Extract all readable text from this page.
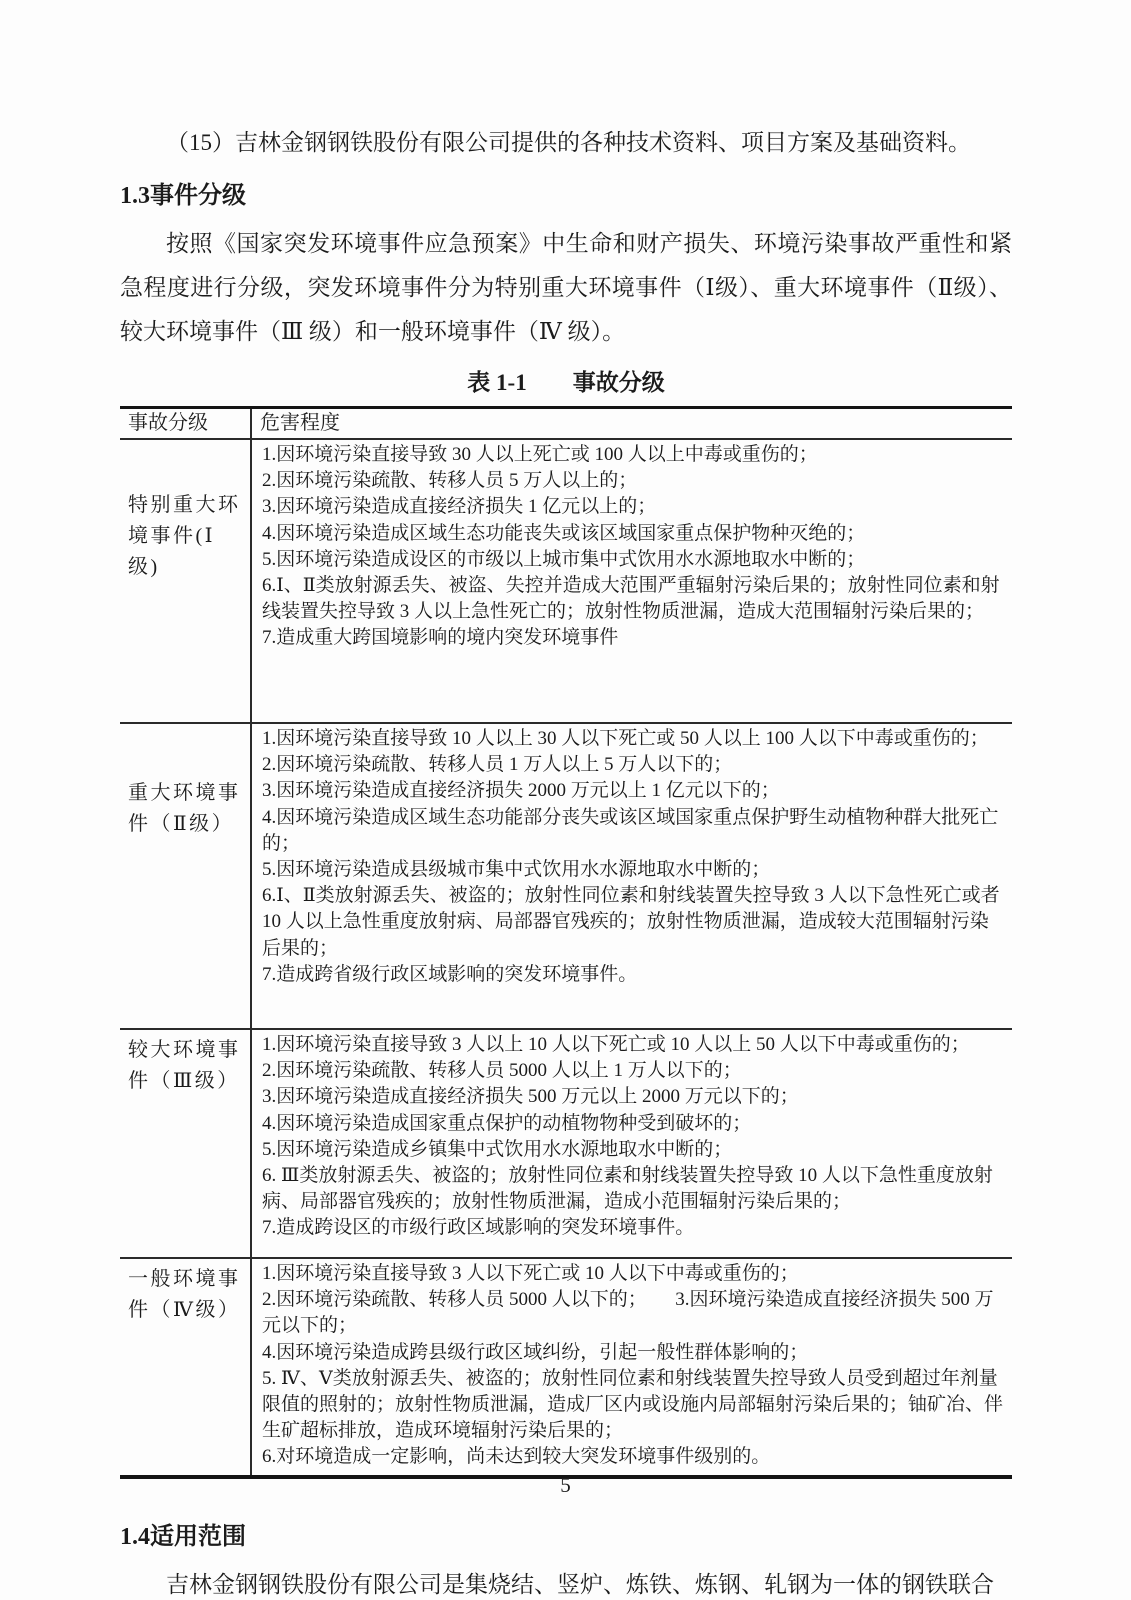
（15）吉林金钢钢铁股份有限公司提供的各种技术资料、项目方案及基础资料。

1.3事件分级

按照《国家突发环境事件应急预案》中生命和财产损失、环境污染事故严重性和紧急程度进行分级，突发环境事件分为特别重大环境事件（Ⅰ级）、重大环境事件（Ⅱ级）、较大环境事件（Ⅲ 级）和一般环境事件（Ⅳ 级）。

表 1-1　　事故分级
事故分级	危害程度
特别重大环境事件(Ⅰ级)	
1.因环境污染直接导致 30 人以上死亡或 100 人以上中毒或重伤的；
2.因环境污染疏散、转移人员 5 万人以上的；
3.因环境污染造成直接经济损失 1 亿元以上的；
4.因环境污染造成区域生态功能丧失或该区域国家重点保护物种灭绝的；
5.因环境污染造成设区的市级以上城市集中式饮用水水源地取水中断的；
6.Ⅰ、Ⅱ类放射源丢失、被盗、失控并造成大范围严重辐射污染后果的；放射性同位素和射线装置失控导致 3 人以上急性死亡的；放射性物质泄漏，造成大范围辐射污染后果的；
7.造成重大跨国境影响的境内突发环境事件

重大环境事件（Ⅱ级）	
1.因环境污染直接导致 10 人以上 30 人以下死亡或 50 人以上 100 人以下中毒或重伤的；
2.因环境污染疏散、转移人员 1 万人以上 5 万人以下的；
3.因环境污染造成直接经济损失 2000 万元以上 1 亿元以下的；
4.因环境污染造成区域生态功能部分丧失或该区域国家重点保护野生动植物种群大批死亡的；
5.因环境污染造成县级城市集中式饮用水水源地取水中断的；
6.Ⅰ、Ⅱ类放射源丢失、被盗的；放射性同位素和射线装置失控导致 3 人以下急性死亡或者 10 人以上急性重度放射病、局部器官残疾的；放射性物质泄漏，造成较大范围辐射污染后果的；
7.造成跨省级行政区域影响的突发环境事件。

较大环境事件（Ⅲ级）	
1.因环境污染直接导致 3 人以上 10 人以下死亡或 10 人以上 50 人以下中毒或重伤的；
2.因环境污染疏散、转移人员 5000 人以上 1 万人以下的；
3.因环境污染造成直接经济损失 500 万元以上 2000 万元以下的；
4.因环境污染造成国家重点保护的动植物物种受到破坏的；
5.因环境污染造成乡镇集中式饮用水水源地取水中断的；
6. Ⅲ类放射源丢失、被盗的；放射性同位素和射线装置失控导致 10 人以下急性重度放射病、局部器官残疾的；放射性物质泄漏，造成小范围辐射污染后果的；
7.造成跨设区的市级行政区域影响的突发环境事件。

一般环境事件（Ⅳ级）	1.因环境污染直接导致 3 人以下死亡或 10 人以下中毒或重伤的；
2.因环境污染疏散、转移人员 5000 人以下的；　　3.因环境污染造成直接经济损失 500 万元以下的；
4.因环境污染造成跨县级行政区域纠纷，引起一般性群体影响的；
5. Ⅳ、Ⅴ类放射源丢失、被盗的；放射性同位素和射线装置失控导致人员受到超过年剂量限值的照射的；放射性物质泄漏，造成厂区内或设施内局部辐射污染后果的；铀矿冶、伴生矿超标排放，造成环境辐射污染后果的；
6.对环境造成一定影响，尚未达到较大突发环境事件级别的。
1.4适用范围

吉林金钢钢铁股份有限公司是集烧结、竖炉、炼铁、炼钢、轧钢为一体的钢铁联合

5
